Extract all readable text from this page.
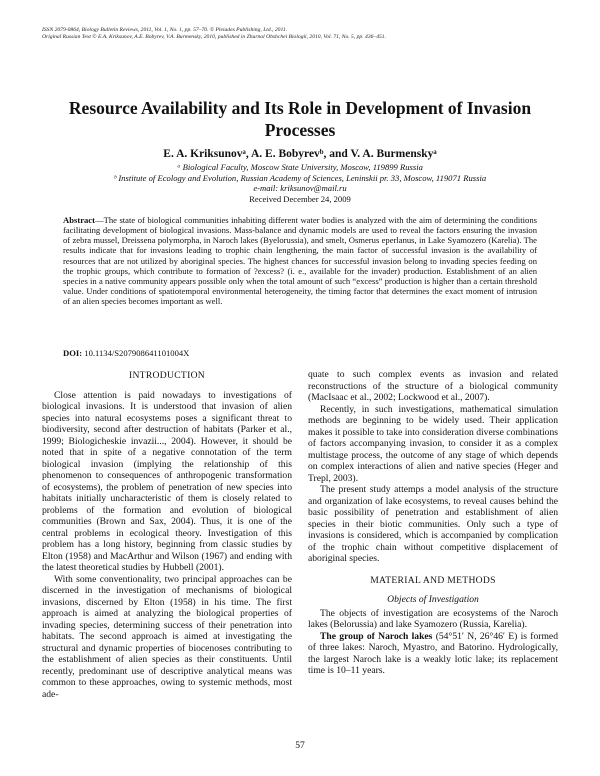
ISSN 2079-0864, Biology Bulletin Reviews, 2011, Vol. 1, No. 1, pp. 57–70. © Pleiades Publishing, Ltd., 2011.
Original Russian Text © E.A. Kriksunov, A.E. Bobyrev, V.A. Burmensky, 2010, published in Zhurnal Obshchei Biologii, 2010, Vol. 71, No. 5, pp. 436–451.
Resource Availability and Its Role in Development of Invasion Processes
E. A. Kriksunovᵃ, A. E. Bobyrevᵇ, and V. A. Burmenskyᵃ
ᵃ Biological Faculty, Moscow State University, Moscow, 119899 Russia
ᵇ Institute of Ecology and Evolution, Russian Academy of Sciences, Leninskii pr. 33, Moscow, 119071 Russia
e-mail: kriksunov@mail.ru
Received December 24, 2009
Abstract—The state of biological communities inhabiting different water bodies is analyzed with the aim of determining the conditions facilitating development of biological invasions. Mass-balance and dynamic models are used to reveal the factors ensuring the invasion of zebra mussel, Dreissena polymorpha, in Naroch lakes (Byelorussia), and smelt, Osmerus eperlanus, in Lake Syamozero (Karelia). The results indicate that for invasions leading to trophic chain lengthening, the main factor of successful invasion is the availability of resources that are not utilized by aboriginal species. The highest chances for successful invasion belong to invading species feeding on the trophic groups, which contribute to formation of ?excess? (i. e., available for the invader) production. Establishment of an alien species in a native community appears possible only when the total amount of such “excess” production is higher than a certain threshold value. Under conditions of spatiotemporal environmental heterogeneity, the timing factor that determines the exact moment of intrusion of an alien species becomes important as well.
DOI: 10.1134/S207908641101004X
INTRODUCTION

Close attention is paid nowadays to investigations of biological invasions. It is understood that invasion of alien species into natural ecosystems poses a significant threat to biodiversity, second after destruction of habitats (Parker et al., 1999; Biologicheskie invazii..., 2004). However, it should be noted that in spite of a negative connotation of the term biological invasion (implying the relationship of this phenomenon to consequences of anthropogenic transformation of ecosystems), the problem of penetration of new species into habitats initially uncharacteristic of them is closely related to problems of the formation and evolution of biological communities (Brown and Sax, 2004). Thus, it is one of the central problems in ecological theory. Investigation of this problem has a long history, beginning from classic studies by Elton (1958) and MacArthur and Wilson (1967) and ending with the latest theoretical studies by Hubbell (2001).

With some conventionality, two principal approaches can be discerned in the investigation of mechanisms of biological invasions, discerned by Elton (1958) in his time. The first approach is aimed at analyzing the biological properties of invading species, determining success of their penetration into habitats. The second approach is aimed at investigating the structural and dynamic properties of biocenoses contributing to the establishment of alien species as their constituents. Until recently, predominant use of descriptive analytical means was common to these approaches, owing to systemic methods, most ade-

quate to such complex events as invasion and related reconstructions of the structure of a biological community (MacIsaac et al., 2002; Lockwood et al., 2007).

Recently, in such investigations, mathematical simulation methods are beginning to be widely used. Their application makes it possible to take into consideration diverse combinations of factors accompanying invasion, to consider it as a complex multistage process, the outcome of any stage of which depends on complex interactions of alien and native species (Heger and Trepl, 2003).

The present study attemps a model analysis of the structure and organization of lake ecosystems, to reveal causes behind the basic possibility of penetration and establishment of alien species in their biotic communities. Only such a type of invasions is considered, which is accompanied by complication of the trophic chain without competitive displacement of aboriginal species.

MATERIAL AND METHODS
Objects of Investigation

The objects of investigation are ecosystems of the Naroch lakes (Belorussia) and lake Syamozero (Russia, Karelia).

The group of Naroch lakes (54°51′ N, 26°46′ E) is formed of three lakes: Naroch, Myastro, and Batorino. Hydrologically, the largest Naroch lake is a weakly lotic lake; its replacement time is 10–11 years.

57
